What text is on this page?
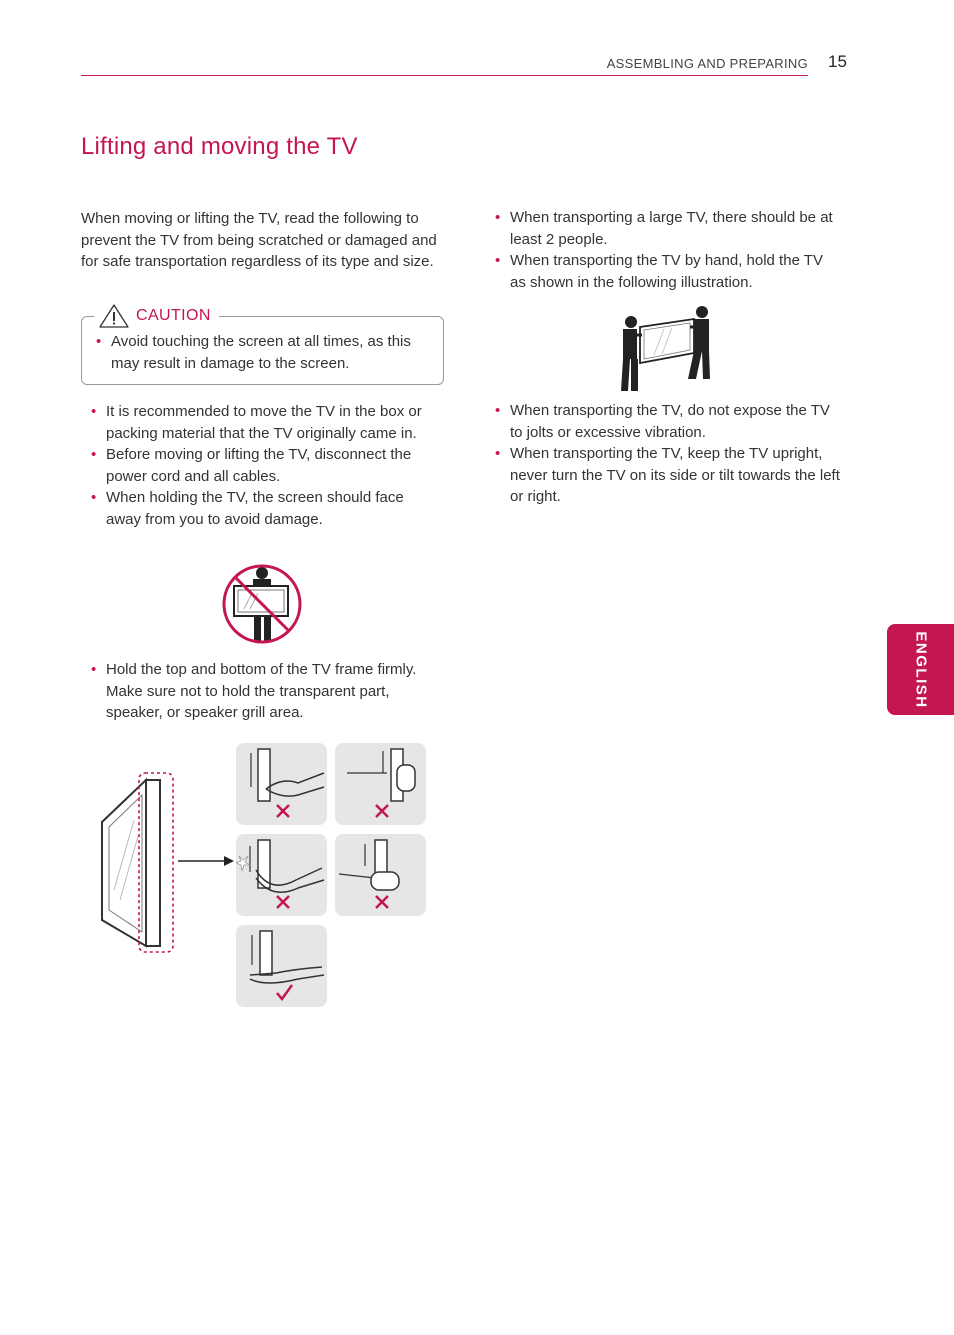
ASSEMBLING AND PREPARING 15
Lifting and moving the TV
When moving or lifting the TV, read the following to prevent the TV from being scratched or damaged and for safe transportation regardless of its type and size.
CAUTION
• Avoid touching the screen at all times, as this may result in damage to the screen.
• It is recommended to move the TV in the box or packing material that the TV originally came in.
• Before moving or lifting the TV, disconnect the power cord and all cables.
• When holding the TV, the screen should face away from you to avoid damage.
• Hold the top and bottom of the TV frame firmly. Make sure not to hold the transparent part, speaker, or speaker grill area.
• When transporting a large TV, there should be at least 2 people.
• When transporting the TV by hand, hold the TV as shown in the following illustration.
• When transporting the TV, do not expose the TV to jolts or excessive vibration.
• When transporting the TV, keep the TV upright, never turn the TV on its side or tilt towards the left or right.
ENGLISH
